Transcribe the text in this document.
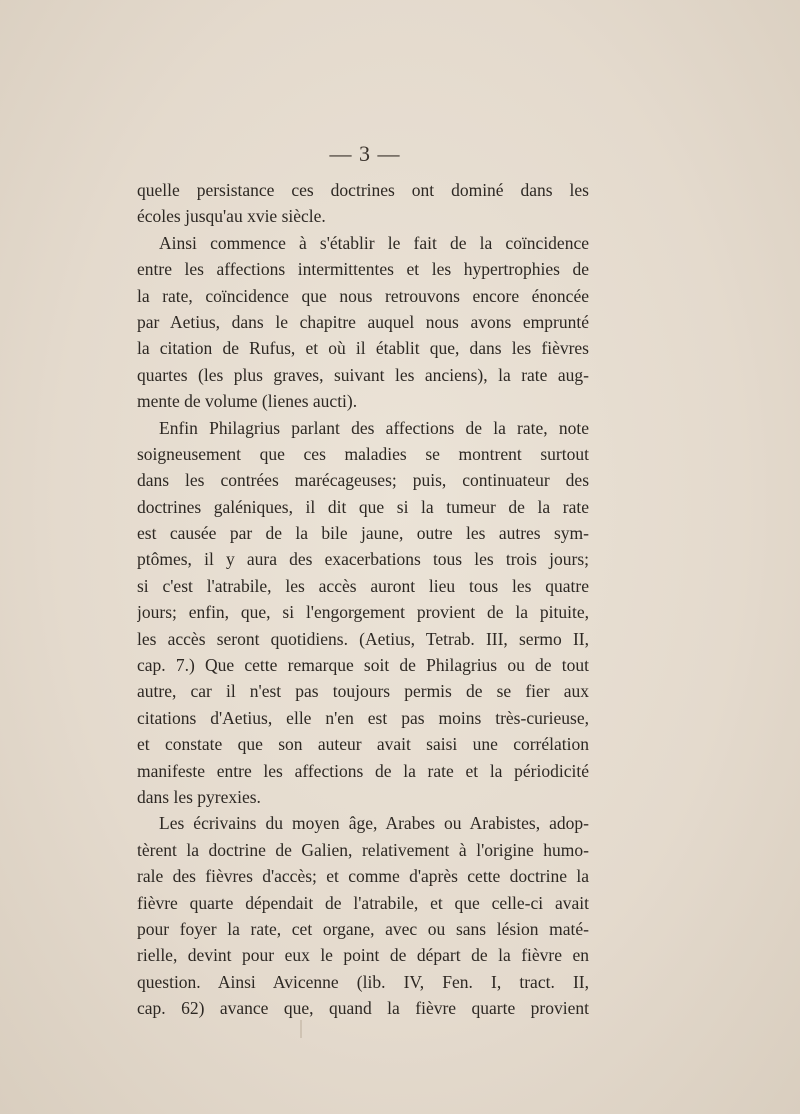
— 3 —
quelle persistance ces doctrines ont dominé dans les
écoles jusqu'au xvie siècle.
Ainsi commence à s'établir le fait de la coïncidence
entre les affections intermittentes et les hypertrophies de
la rate, coïncidence que nous retrouvons encore énoncée
par Aetius, dans le chapitre auquel nous avons emprunté
la citation de Rufus, et où il établit que, dans les fièvres
quartes (les plus graves, suivant les anciens), la rate aug-
mente de volume (lienes aucti).
Enfin Philagrius parlant des affections de la rate, note
soigneusement que ces maladies se montrent surtout
dans les contrées marécageuses; puis, continuateur des
doctrines galéniques, il dit que si la tumeur de la rate
est causée par de la bile jaune, outre les autres sym-
ptômes, il y aura des exacerbations tous les trois jours;
si c'est l'atrabile, les accès auront lieu tous les quatre
jours; enfin, que, si l'engorgement provient de la pituite,
les accès seront quotidiens. (Aetius, Tetrab. III, sermo II,
cap. 7.) Que cette remarque soit de Philagrius ou de tout
autre, car il n'est pas toujours permis de se fier aux
citations d'Aetius, elle n'en est pas moins très-curieuse,
et constate que son auteur avait saisi une corrélation
manifeste entre les affections de la rate et la périodicité
dans les pyrexies.
Les écrivains du moyen âge, Arabes ou Arabistes, adop-
tèrent la doctrine de Galien, relativement à l'origine humo-
rale des fièvres d'accès; et comme d'après cette doctrine la
fièvre quarte dépendait de l'atrabile, et que celle-ci avait
pour foyer la rate, cet organe, avec ou sans lésion maté-
rielle, devint pour eux le point de départ de la fièvre en
question. Ainsi Avicenne (lib. IV, Fen. I, tract. II,
cap. 62) avance que, quand la fièvre quarte provient
